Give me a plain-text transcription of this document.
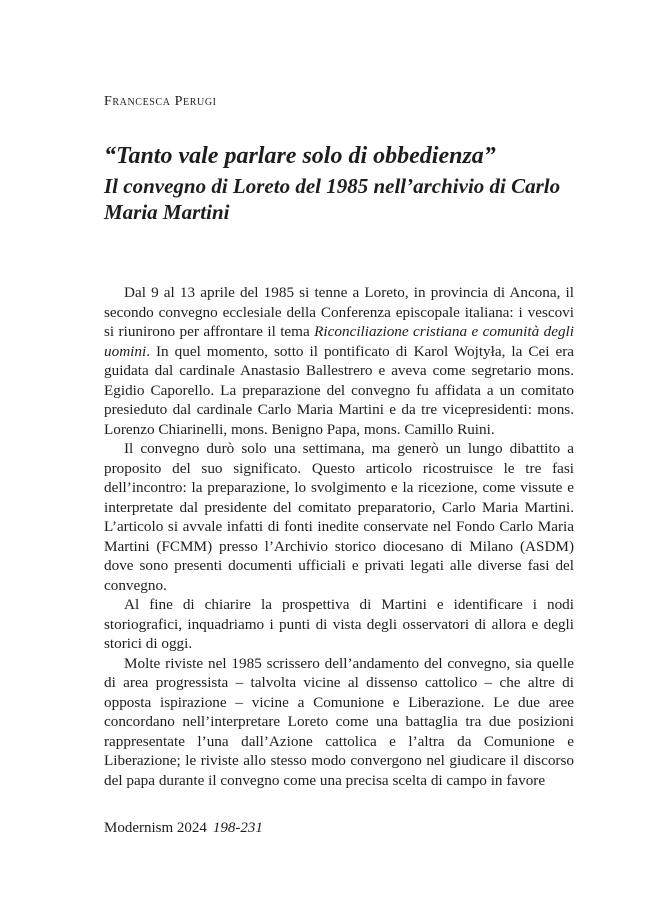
Francesca Perugi

“Tanto vale parlare solo di obbedienza”
Il convegno di Loreto del 1985 nell’archivio di Carlo Maria Martini

Dal 9 al 13 aprile del 1985 si tenne a Loreto, in provincia di Ancona, il secondo convegno ecclesiale della Conferenza episcopale italiana: i vescovi si riunirono per affrontare il tema Riconciliazione cristiana e comunità degli uomini. In quel momento, sotto il pontificato di Karol Wojtyła, la Cei era guidata dal cardinale Anastasio Ballestrero e aveva come segretario mons. Egidio Caporello. La preparazione del convegno fu affidata a un comitato presieduto dal cardinale Carlo Maria Martini e da tre vicepresidenti: mons. Lorenzo Chiarinelli, mons. Benigno Papa, mons. Camillo Ruini.

Il convegno durò solo una settimana, ma generò un lungo dibattito a proposito del suo significato. Questo articolo ricostruisce le tre fasi dell’incontro: la preparazione, lo svolgimento e la ricezione, come vissute e interpretate dal presidente del comitato preparatorio, Carlo Maria Martini. L’articolo si avvale infatti di fonti inedite conservate nel Fondo Carlo Maria Martini (FCMM) presso l’Archivio storico diocesano di Milano (ASDM) dove sono presenti documenti ufficiali e privati legati alle diverse fasi del convegno.

Al fine di chiarire la prospettiva di Martini e identificare i nodi storiografici, inquadriamo i punti di vista degli osservatori di allora e degli storici di oggi.

Molte riviste nel 1985 scrissero dell’andamento del convegno, sia quelle di area progressista – talvolta vicine al dissenso cattolico – che altre di opposta ispirazione – vicine a Comunione e Liberazione. Le due aree concordano nell’interpretare Loreto come una battaglia tra due posizioni rappresentate l’una dall’Azione cattolica e l’altra da Comunione e Liberazione; le riviste allo stesso modo convergono nel giudicare il discorso del papa durante il convegno come una precisa scelta di campo in favore

Modernism 2024 198-231
